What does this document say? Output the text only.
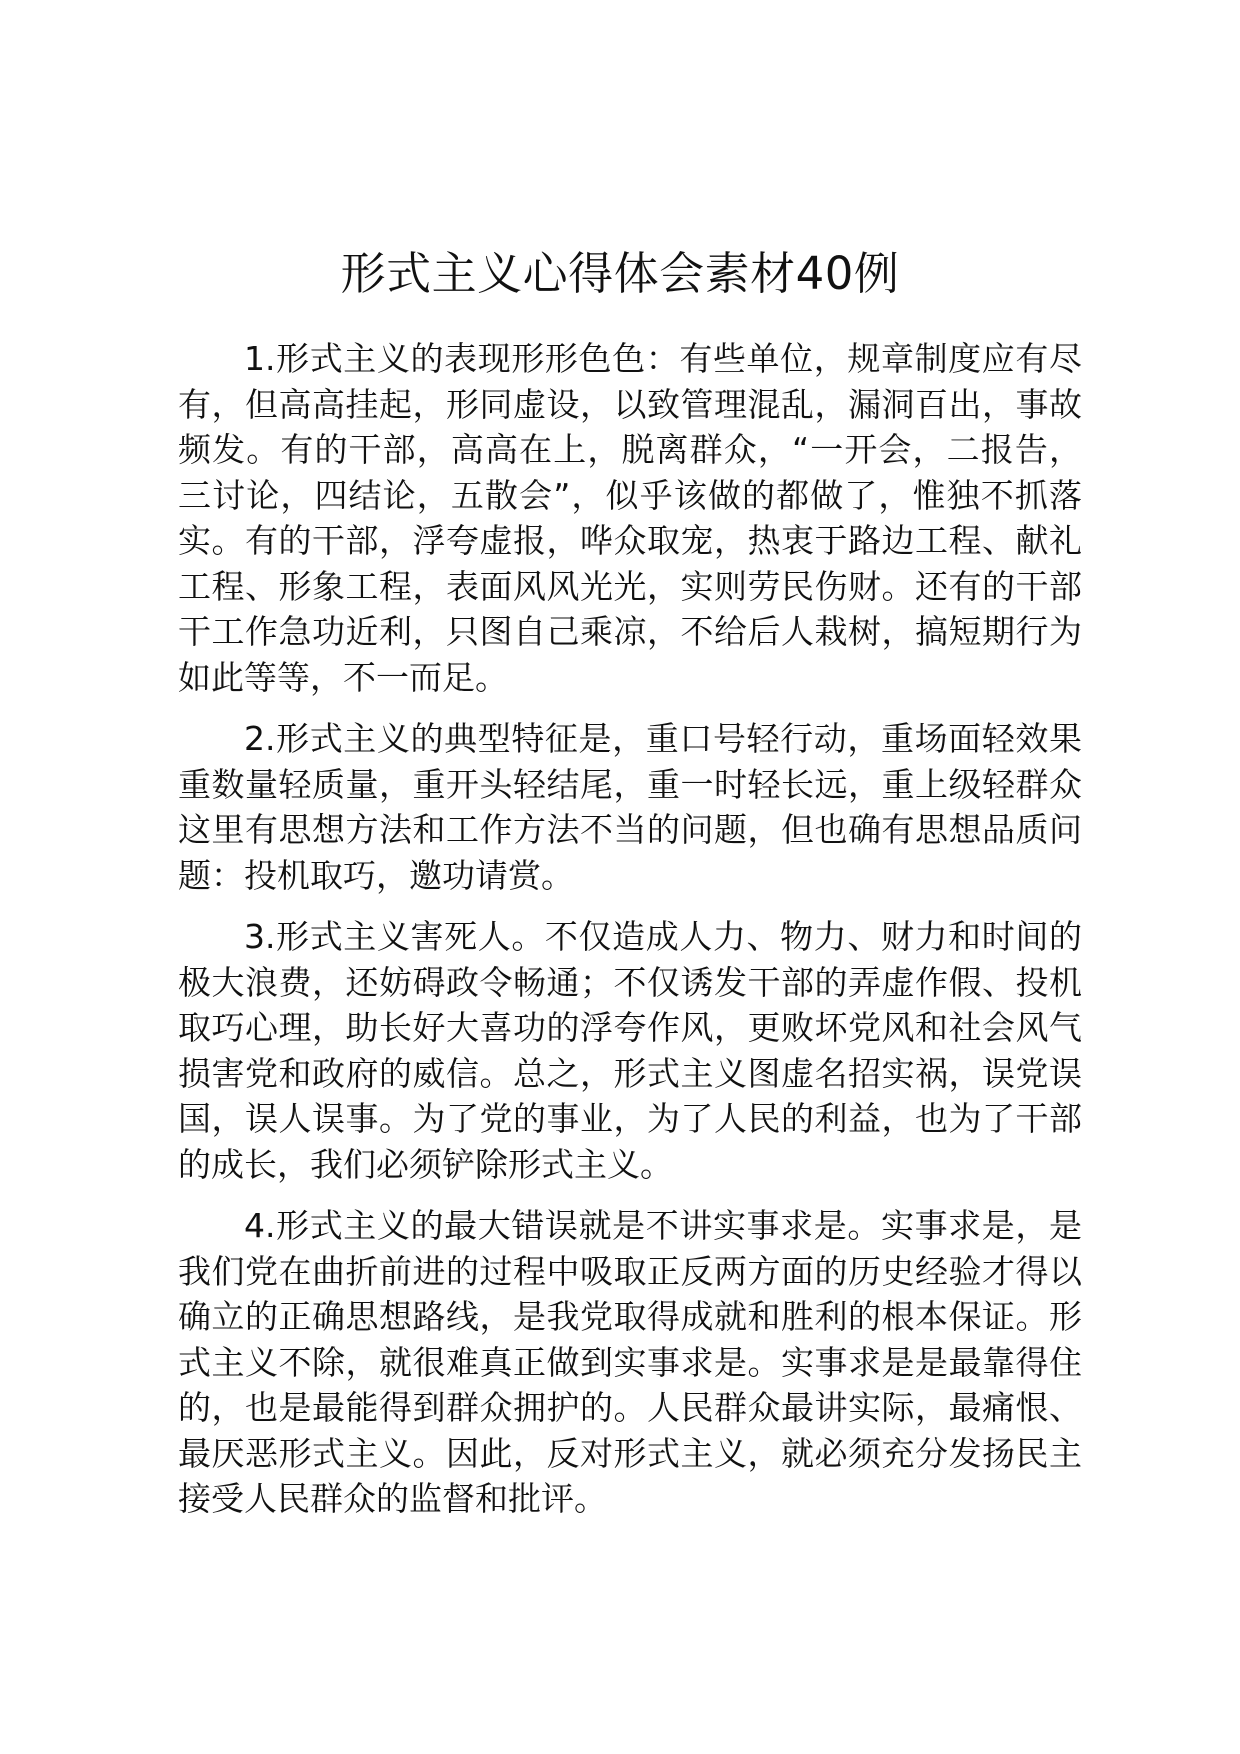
形式主义心得体会素材40例

1.形式主义的表现形形色色：有些单位，规章制度应有尽有，但高高挂起，形同虚设，以致管理混乱，漏洞百出，事故频发。有的干部，高高在上，脱离群众，“一开会，二报告，三讨论，四结论，五散会”，似乎该做的都做了，惟独不抓落实。有的干部，浮夸虚报，哗众取宠，热衷于路边工程、献礼工程、形象工程，表面风风光光，实则劳民伤财。还有的干部干工作急功近利，只图自己乘凉，不给后人栽树，搞短期行为如此等等，不一而足。

2.形式主义的典型特征是，重口号轻行动，重场面轻效果重数量轻质量，重开头轻结尾，重一时轻长远，重上级轻群众这里有思想方法和工作方法不当的问题，但也确有思想品质问题：投机取巧，邀功请赏。

3.形式主义害死人。不仅造成人力、物力、财力和时间的极大浪费，还妨碍政令畅通；不仅诱发干部的弄虚作假、投机取巧心理，助长好大喜功的浮夸作风，更败坏党风和社会风气损害党和政府的威信。总之，形式主义图虚名招实祸，误党误国，误人误事。为了党的事业，为了人民的利益，也为了干部的成长，我们必须铲除形式主义。

4.形式主义的最大错误就是不讲实事求是。实事求是，是我们党在曲折前进的过程中吸取正反两方面的历史经验才得以确立的正确思想路线，是我党取得成就和胜利的根本保证。形式主义不除，就很难真正做到实事求是。实事求是是最靠得住的，也是最能得到群众拥护的。人民群众最讲实际，最痛恨、最厌恶形式主义。因此，反对形式主义，就必须充分发扬民主接受人民群众的监督和批评。
